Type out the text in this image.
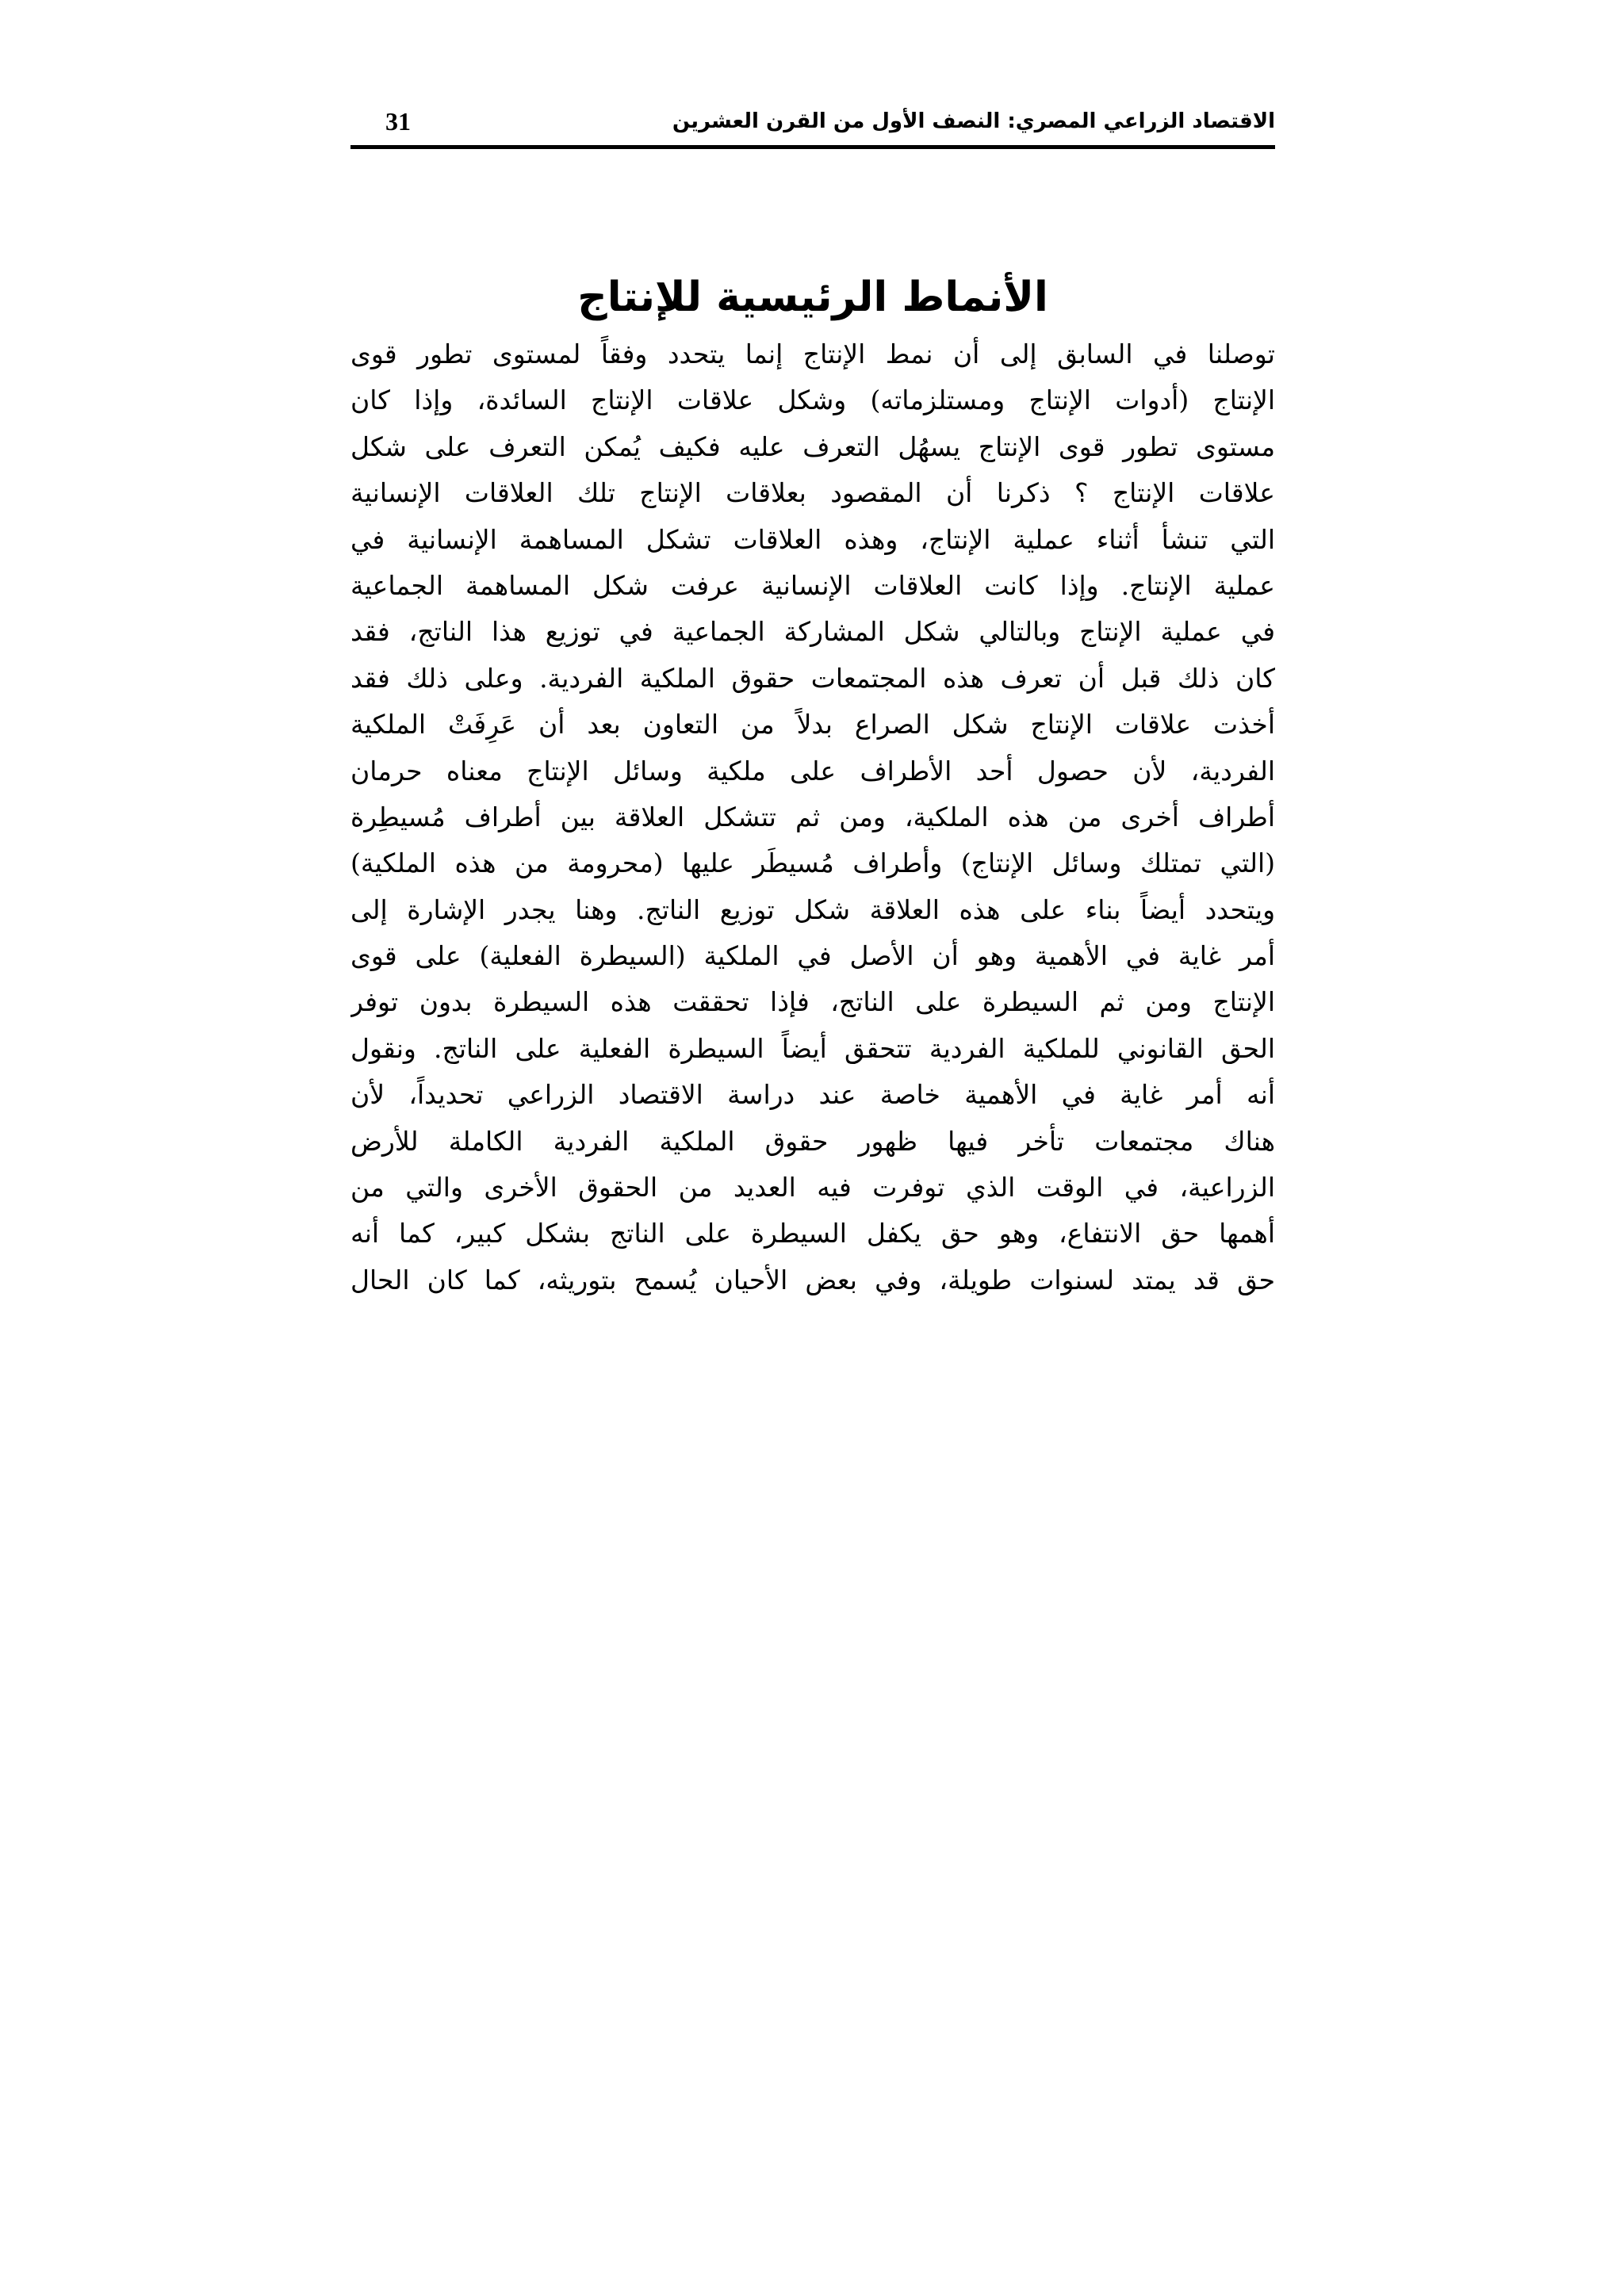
الاقتصاد الزراعي المصري: النصف الأول من القرن العشرين
31
الأنماط الرئيسية للإنتاج
توصلنا في السابق إلى أن نمط الإنتاج إنما يتحدد وفقاً لمستوى تطور قوى
الإنتاج (أدوات الإنتاج ومستلزماته) وشكل علاقات الإنتاج السائدة، وإذا كان
مستوى تطور قوى الإنتاج يسهُل التعرف عليه فكيف يُمكن التعرف على شكل
علاقات الإنتاج ؟ ذكرنا أن المقصود بعلاقات الإنتاج تلك العلاقات الإنسانية
التي تنشأ أثناء عملية الإنتاج، وهذه العلاقات تشكل المساهمة الإنسانية في
عملية الإنتاج. وإذا كانت العلاقات الإنسانية عرفت شكل المساهمة الجماعية
في عملية الإنتاج وبالتالي شكل المشاركة الجماعية في توزيع هذا الناتج، فقد
كان ذلك قبل أن تعرف هذه المجتمعات حقوق الملكية الفردية. وعلى ذلك فقد
أخذت علاقات الإنتاج شكل الصراع بدلاً من التعاون بعد أن عَرِفَتْ الملكية
الفردية، لأن حصول أحد الأطراف على ملكية وسائل الإنتاج معناه حرمان
أطراف أخرى من هذه الملكية، ومن ثم تتشكل العلاقة بين أطراف مُسيطِرة
(التي تمتلك وسائل الإنتاج) وأطراف مُسيطَر عليها (محرومة من هذه الملكية)
ويتحدد أيضاً بناء على هذه العلاقة شكل توزيع الناتج. وهنا يجدر الإشارة إلى
أمر غاية في الأهمية وهو أن الأصل في الملكية (السيطرة الفعلية) على قوى
الإنتاج ومن ثم السيطرة على الناتج، فإذا تحققت هذه السيطرة بدون توفر
الحق القانوني للملكية الفردية تتحقق أيضاً السيطرة الفعلية على الناتج. ونقول
أنه أمر غاية في الأهمية خاصة عند دراسة الاقتصاد الزراعي تحديداً، لأن
هناك مجتمعات تأخر فيها ظهور حقوق الملكية الفردية الكاملة للأرض
الزراعية، في الوقت الذي توفرت فيه العديد من الحقوق الأخرى والتي من
أهمها حق الانتفاع، وهو حق يكفل السيطرة على الناتج بشكل كبير، كما أنه
حق قد يمتد لسنوات طويلة، وفي بعض الأحيان يُسمح بتوريثه، كما كان الحال
